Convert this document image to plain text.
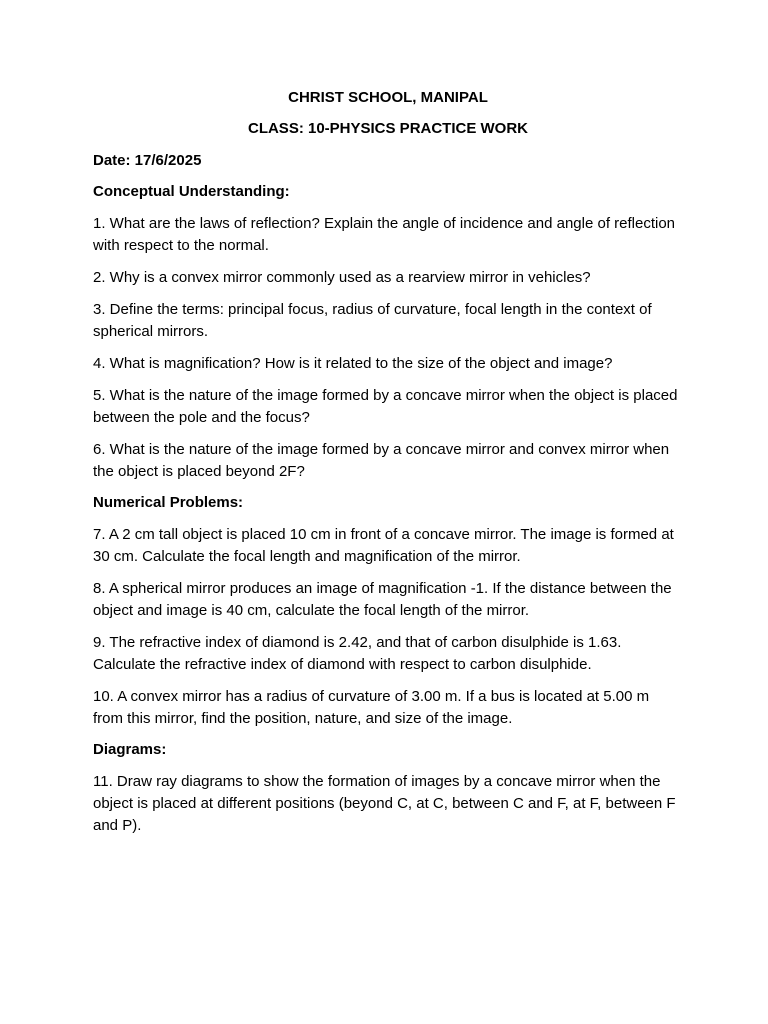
CHRIST SCHOOL, MANIPAL
CLASS: 10-PHYSICS PRACTICE WORK
Date: 17/6/2025
Conceptual Understanding:

1. What are the laws of reflection? Explain the angle of incidence and angle of reflection with respect to the normal.

2. Why is a convex mirror commonly used as a rearview mirror in vehicles?

3. Define the terms: principal focus, radius of curvature, focal length in the context of spherical mirrors.

4. What is magnification? How is it related to the size of the object and image?

5. What is the nature of the image formed by a concave mirror when the object is placed between the pole and the focus?

6. What is the nature of the image formed by a concave mirror and convex mirror when the object is placed beyond 2F?

Numerical Problems:

7. A 2 cm tall object is placed 10 cm in front of a concave mirror. The image is formed at 30 cm. Calculate the focal length and magnification of the mirror.

8. A spherical mirror produces an image of magnification -1. If the distance between the object and image is 40 cm, calculate the focal length of the mirror.

9. The refractive index of diamond is 2.42, and that of carbon disulphide is 1.63. Calculate the refractive index of diamond with respect to carbon disulphide.

10. A convex mirror has a radius of curvature of 3.00 m. If a bus is located at 5.00 m from this mirror, find the position, nature, and size of the image.

Diagrams:

11. Draw ray diagrams to show the formation of images by a concave mirror when the object is placed at different positions (beyond C, at C, between C and F, at F, between F and P).
